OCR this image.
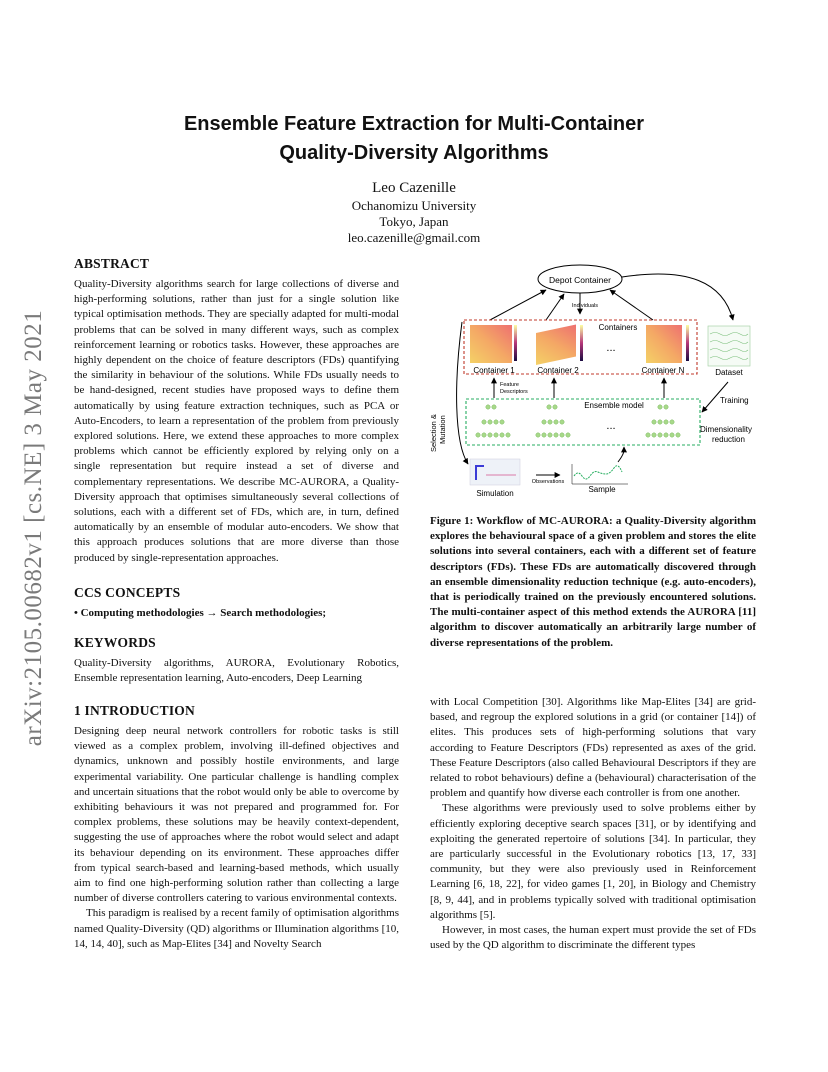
arXiv:2105.00682v1 [cs.NE] 3 May 2021
Ensemble Feature Extraction for Multi-Container
Quality-Diversity Algorithms
Leo Cazenille
Ochanomizu University
Tokyo, Japan
leo.cazenille@gmail.com
ABSTRACT

Quality-Diversity algorithms search for large collections of diverse and high-performing solutions, rather than just for a single solution like typical optimisation methods. They are specially adapted for multi-modal problems that can be solved in many different ways, such as complex reinforcement learning or robotics tasks. However, these approaches are highly dependent on the choice of feature descriptors (FDs) quantifying the similarity in behaviour of the solutions. While FDs usually needs to be hand-designed, recent studies have proposed ways to define them automatically by using feature extraction techniques, such as PCA or Auto-Encoders, to learn a representation of the problem from previously explored solutions. Here, we extend these approaches to more complex problems which cannot be efficiently explored by relying only on a single representation but require instead a set of diverse and complementary representations. We describe MC-AURORA, a Quality-Diversity approach that optimises simultaneously several collections of solutions, each with a different set of FDs, which are, in turn, defined automatically by an ensemble of modular auto-encoders. We show that this approach produces solutions that are more diverse than those produced by single-representation approaches.

CCS CONCEPTS

• Computing methodologies → Search methodologies;

KEYWORDS

Quality-Diversity algorithms, AURORA, Evolutionary Robotics, Ensemble representation learning, Auto-encoders, Deep Learning

1 INTRODUCTION

Designing deep neural network controllers for robotic tasks is still viewed as a complex problem, involving ill-defined objectives and dynamics, unknown and possibly hostile environments, and large experimental variability. One particular challenge is handling complex and uncertain situations that the robot would only be able to overcome by exhibiting behaviours it was not prepared and programmed for. For complex problems, these solutions may be heavily context-dependent, suggesting the use of approaches where the robot would select and adapt its behaviour depending on its environment. These approaches differ from typical search-based and learning-based methods, which usually aim to find one high-performing solution rather than collecting a large number of diverse controllers catering to various environmental contexts.

This paradigm is realised by a recent family of optimisation algorithms named Quality-Diversity (QD) algorithms or Illumination algorithms [10, 14, 14, 40], such as Map-Elites [34] and Novelty Search

Depot Container
Individuals
Containers
...
Container 1	Container 2	Container N	Dataset
Feature
Descriptors
Ensemble model
...
Training
Dimensionality
reduction
Selection & Mutation
Simulation
Observations
Sample

Figure 1: Workflow of MC-AURORA: a Quality-Diversity algorithm explores the behavioural space of a given problem and stores the elite solutions into several containers, each with a different set of feature descriptors (FDs). These FDs are automatically discovered through an ensemble dimensionality reduction technique (e.g. auto-encoders), that is periodically trained on the previously encountered solutions. The multi-container aspect of this method extends the AURORA [11] algorithm to discover automatically an arbitrarily large number of diverse representations of the problem.

with Local Competition [30]. Algorithms like Map-Elites [34] are grid-based, and regroup the explored solutions in a grid (or container [14]) of elites. This produces sets of high-performing solutions that vary according to Feature Descriptors (FDs) represented as axes of the grid. These Feature Descriptors (also called Behavioural Descriptors if they are related to robot behaviours) define a (behavioural) characterisation of the problem and quantify how diverse each controller is from one another.

These algorithms were previously used to solve problems either by efficiently exploring deceptive search spaces [31], or by identifying and exploiting the generated repertoire of solutions [34]. In particular, they are particularly successful in the Evolutionary robotics [13, 17, 33] community, but they were also previously used in Reinforcement Learning [6, 18, 22], for video games [1, 20], in Biology and Chemistry [8, 9, 44], and in problems typically solved with traditional optimisation algorithms [5].

However, in most cases, the human expert must provide the set of FDs used by the QD algorithm to discriminate the different types
